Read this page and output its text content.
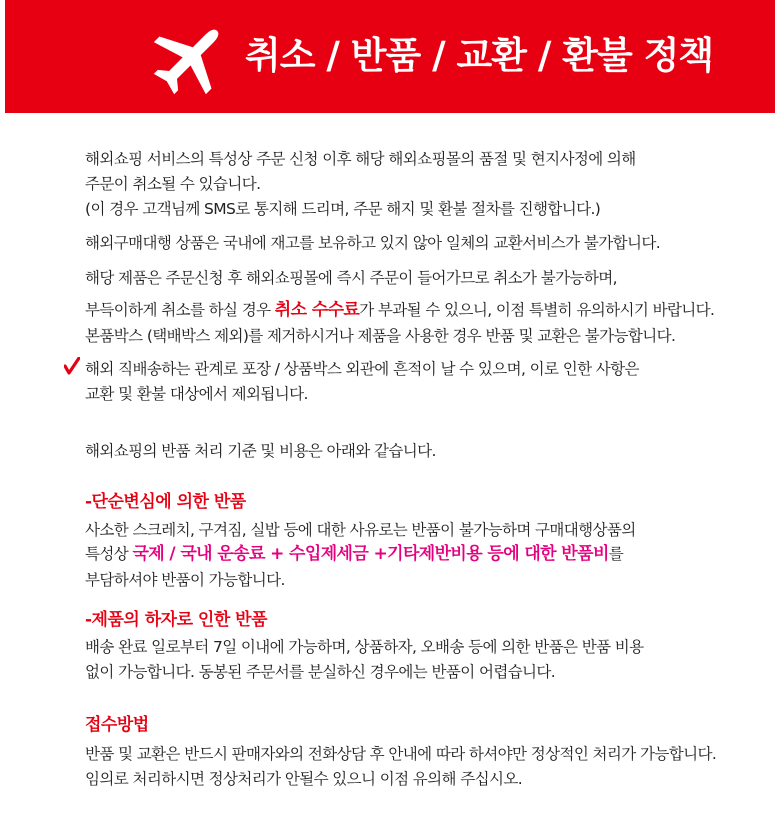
취소 / 반품 / 교환 / 환불 정책
해외쇼핑 서비스의 특성상 주문 신청 이후 해당 해외쇼핑몰의 품절 및 현지사정에 의해
주문이 취소될 수 있습니다.
(이 경우 고객님께 SMS로 통지해 드리며, 주문 해지 및 환불 절차를 진행합니다.)
해외구매대행 상품은 국내에 재고를 보유하고 있지 않아 일체의 교환서비스가 불가합니다.
해당 제품은 주문신청 후 해외쇼핑몰에 즉시 주문이 들어가므로 취소가 불가능하며,
부득이하게 취소를 하실 경우 취소 수수료가 부과될 수 있으니, 이점 특별히 유의하시기 바랍니다.
본품박스 (택배박스 제외)를 제거하시거나 제품을 사용한 경우 반품 및 교환은 불가능합니다.
해외 직배송하는 관계로 포장 / 상품박스 외관에 흔적이 날 수 있으며, 이로 인한 사항은
교환 및 환불 대상에서 제외됩니다.
해외쇼핑의 반품 처리 기준 및 비용은 아래와 같습니다.
-단순변심에 의한 반품
사소한 스크레치, 구겨짐, 실밥 등에 대한 사유로는 반품이 불가능하며 구매대행상품의
특성상 국제 / 국내 운송료 + 수입제세금 +기타제반비용 등에 대한 반품비를
부담하셔야 반품이 가능합니다.
-제품의 하자로 인한 반품
배송 완료 일로부터 7일 이내에 가능하며, 상품하자, 오배송 등에 의한 반품은 반품 비용
없이 가능합니다. 동봉된 주문서를 분실하신 경우에는 반품이 어렵습니다.
접수방법
반품 및 교환은 반드시 판매자와의 전화상담 후 안내에 따라 하셔야만 정상적인 처리가 가능합니다.
임의로 처리하시면 정상처리가 안될수 있으니 이점 유의해 주십시오.
